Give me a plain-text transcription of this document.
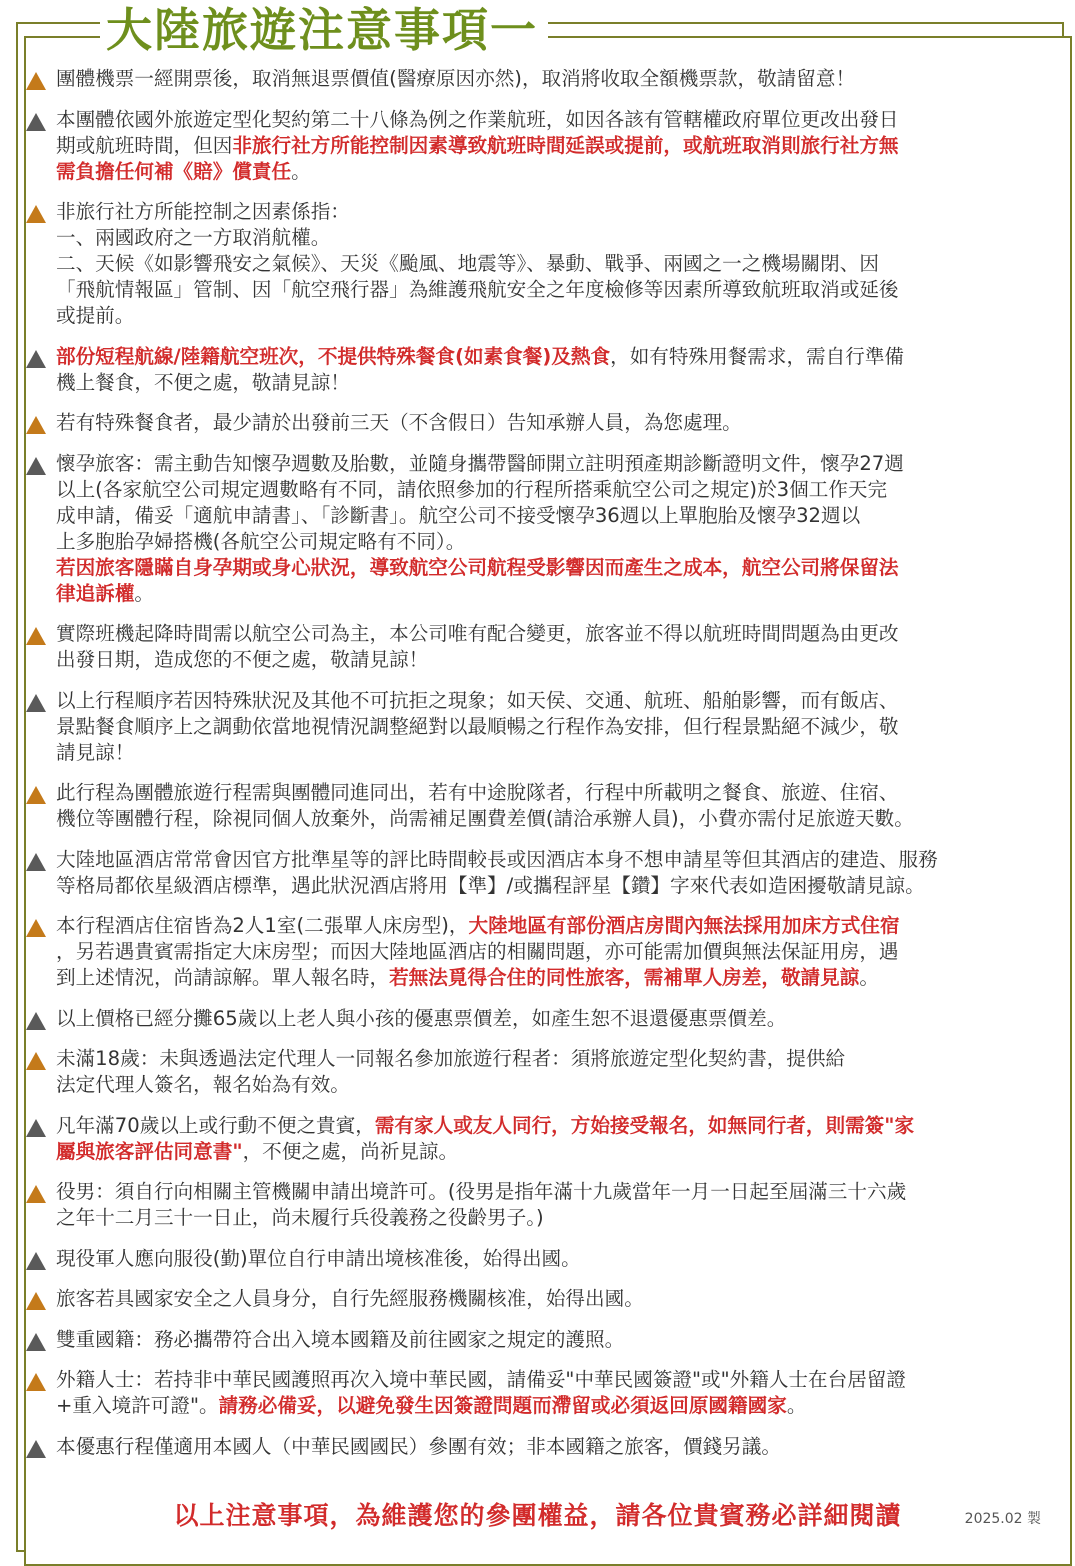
大陸旅遊注意事項一
團體機票一經開票後，取消無退票價值(醫療原因亦然)，取消將收取全額機票款，敬請留意！
本團體依國外旅遊定型化契約第二十八條為例之作業航班，如因各該有管轄權政府單位更改出發日
期或航班時間，但因非旅行社方所能控制因素導致航班時間延誤或提前，或航班取消則旅行社方無
需負擔任何補《賠》償責任。
非旅行社方所能控制之因素係指：
一、兩國政府之一方取消航權。
二、天候《如影響飛安之氣候》、天災《颱風、地震等》、暴動、戰爭、兩國之一之機場關閉、因
「飛航情報區」管制、因「航空飛行器」為維護飛航安全之年度檢修等因素所導致航班取消或延後
或提前。
部份短程航線/陸籍航空班次，不提供特殊餐食(如素食餐)及熱食，如有特殊用餐需求，需自行準備
機上餐食，不便之處，敬請見諒！
若有特殊餐食者，最少請於出發前三天（不含假日）告知承辦人員，為您處理。
懷孕旅客：需主動告知懷孕週數及胎數，並隨身攜帶醫師開立註明預產期診斷證明文件，懷孕27週
以上(各家航空公司規定週數略有不同，請依照參加的行程所搭乘航空公司之規定)於3個工作天完
成申請，備妥「適航申請書」、「診斷書」。航空公司不接受懷孕36週以上單胞胎及懷孕32週以
上多胞胎孕婦搭機(各航空公司規定略有不同）。
若因旅客隱瞞自身孕期或身心狀況，導致航空公司航程受影響因而產生之成本，航空公司將保留法
律追訴權。
實際班機起降時間需以航空公司為主，本公司唯有配合變更，旅客並不得以航班時間問題為由更改
出發日期，造成您的不便之處，敬請見諒！
以上行程順序若因特殊狀況及其他不可抗拒之現象；如天侯、交通、航班、船舶影響，而有飯店、
景點餐食順序上之調動依當地視情況調整絕對以最順暢之行程作為安排，但行程景點絕不減少，敬
請見諒！
此行程為團體旅遊行程需與團體同進同出，若有中途脫隊者，行程中所載明之餐食、旅遊、住宿、
機位等團體行程，除視同個人放棄外，尚需補足團費差價(請洽承辦人員)，小費亦需付足旅遊天數。
大陸地區酒店常常會因官方批準星等的評比時間較長或因酒店本身不想申請星等但其酒店的建造、服務
等格局都依星級酒店標準，遇此狀況酒店將用【準】/或攜程評星【鑽】字來代表如造困擾敬請見諒。
本行程酒店住宿皆為2人1室(二張單人床房型)，大陸地區有部份酒店房間內無法採用加床方式住宿
，另若遇貴賓需指定大床房型；而因大陸地區酒店的相關問題，亦可能需加價與無法保証用房，遇
到上述情況，尚請諒解。單人報名時，若無法覓得合住的同性旅客，需補單人房差，敬請見諒。
以上價格已經分攤65歲以上老人與小孩的優惠票價差，如產生恕不退還優惠票價差。
未滿18歲：未與透過法定代理人一同報名參加旅遊行程者：須將旅遊定型化契約書，提供給
法定代理人簽名，報名始為有效。
凡年滿70歲以上或行動不便之貴賓，需有家人或友人同行，方始接受報名，如無同行者，則需簽"家
屬與旅客評估同意書"，不便之處，尚祈見諒。
役男：須自行向相關主管機關申請出境許可。(役男是指年滿十九歲當年一月一日起至屆滿三十六歲
之年十二月三十一日止，尚未履行兵役義務之役齡男子。)
現役軍人應向服役(勤)單位自行申請出境核准後，始得出國。
旅客若具國家安全之人員身分，自行先經服務機關核准，始得出國。
雙重國籍：務必攜帶符合出入境本國籍及前往國家之規定的護照。
外籍人士：若持非中華民國護照再次入境中華民國，請備妥"中華民國簽證"或"外籍人士在台居留證
+重入境許可證"。請務必備妥，以避免發生因簽證問題而滯留或必須返回原國籍國家。
本優惠行程僅適用本國人（中華民國國民）參團有效；非本國籍之旅客，價錢另議。
以上注意事項，為維護您的參團權益，請各位貴賓務必詳細閱讀	2025.02 製
